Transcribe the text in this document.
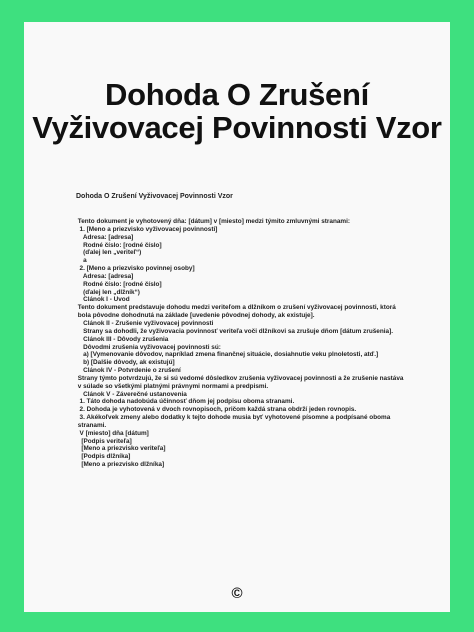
Dohoda O Zrušení
Vyživovacej Povinnosti Vzor
Dohoda O Zrušení Vyživovacej Povinnosti Vzor
Tento dokument je vyhotovený dňa: [dátum] v [miesto] medzi týmito zmluvnými stranami:
1. [Meno a priezvisko vyživovacej povinnosti]
Adresa: [adresa]
Rodné číslo: [rodné číslo]
(ďalej len „veriteľ“)
a
2. [Meno a priezvisko povinnej osoby]
Adresa: [adresa]
Rodné číslo: [rodné číslo]
(ďalej len „dlžník“)
Článok I - Úvod
Tento dokument predstavuje dohodu medzi veriteľom a dlžníkom o zrušení vyživovacej povinnosti, ktorá
bola pôvodne dohodnutá na základe [uvedenie pôvodnej dohody, ak existuje].
Článok II - Zrušenie vyživovacej povinnosti
Strany sa dohodli, že vyživovacia povinnosť veriteľa voči dlžníkovi sa zrušuje dňom [dátum zrušenia].
Článok III - Dôvody zrušenia
Dôvodmi zrušenia vyživovacej povinnosti sú:
a) [Vymenovanie dôvodov, napríklad zmena finančnej situácie, dosiahnutie veku plnoletosti, atď.]
b) [Ďalšie dôvody, ak existujú]
Článok IV - Potvrdenie o zrušení
Strany týmto potvrdzujú, že si sú vedomé dôsledkov zrušenia vyživovacej povinnosti a že zrušenie nastáva
v súlade so všetkými platnými právnymi normami a predpismi.
Článok V - Záverečné ustanovenia
1. Táto dohoda nadobúda účinnosť dňom jej podpisu oboma stranami.
2. Dohoda je vyhotovená v dvoch rovnopisoch, pričom každá strana obdrží jeden rovnopis.
3. Akékoľvek zmeny alebo dodatky k tejto dohode musia byť vyhotovené písomne a podpísané oboma
stranami.
V [miesto] dňa [dátum]
[Podpis veriteľa]
[Meno a priezvisko veriteľa]
[Podpis dlžníka]
[Meno a priezvisko dlžníka]
©
